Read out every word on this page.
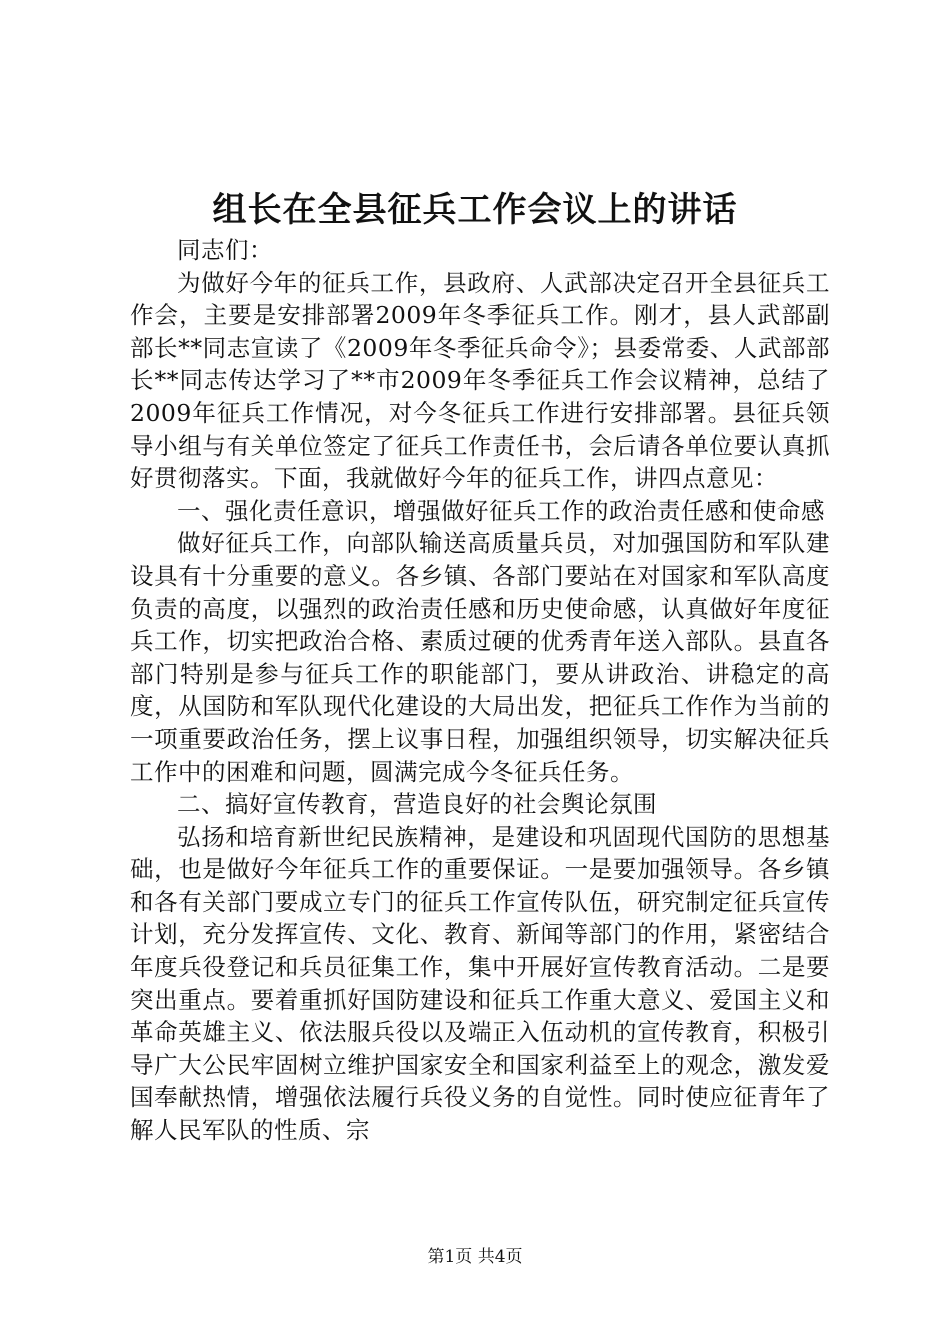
组长在全县征兵工作会议上的讲话

同志们：

为做好今年的征兵工作，县政府、人武部决定召开全县征兵工作会，主要是安排部署2009年冬季征兵工作。刚才，县人武部副部长**同志宣读了《2009年冬季征兵命令》；县委常委、人武部部长**同志传达学习了**市2009年冬季征兵工作会议精神，总结了2009年征兵工作情况，对今冬征兵工作进行安排部署。县征兵领导小组与有关单位签定了征兵工作责任书，会后请各单位要认真抓好贯彻落实。下面，我就做好今年的征兵工作，讲四点意见：

一、强化责任意识，增强做好征兵工作的政治责任感和使命感

做好征兵工作，向部队输送高质量兵员，对加强国防和军队建设具有十分重要的意义。各乡镇、各部门要站在对国家和军队高度负责的高度，以强烈的政治责任感和历史使命感，认真做好年度征兵工作，切实把政治合格、素质过硬的优秀青年送入部队。县直各部门特别是参与征兵工作的职能部门，要从讲政治、讲稳定的高度，从国防和军队现代化建设的大局出发，把征兵工作作为当前的一项重要政治任务，摆上议事日程，加强组织领导，切实解决征兵工作中的困难和问题，圆满完成今冬征兵任务。

二、搞好宣传教育，营造良好的社会舆论氛围

弘扬和培育新世纪民族精神，是建设和巩固现代国防的思想基础，也是做好今年征兵工作的重要保证。一是要加强领导。各乡镇和各有关部门要成立专门的征兵工作宣传队伍，研究制定征兵宣传计划，充分发挥宣传、文化、教育、新闻等部门的作用，紧密结合年度兵役登记和兵员征集工作，集中开展好宣传教育活动。二是要突出重点。要着重抓好国防建设和征兵工作重大意义、爱国主义和革命英雄主义、依法服兵役以及端正入伍动机的宣传教育，积极引导广大公民牢固树立维护国家安全和国家利益至上的观念，激发爱国奉献热情，增强依法履行兵役义务的自觉性。同时使应征青年了解人民军队的性质、宗

第1页 共4页
